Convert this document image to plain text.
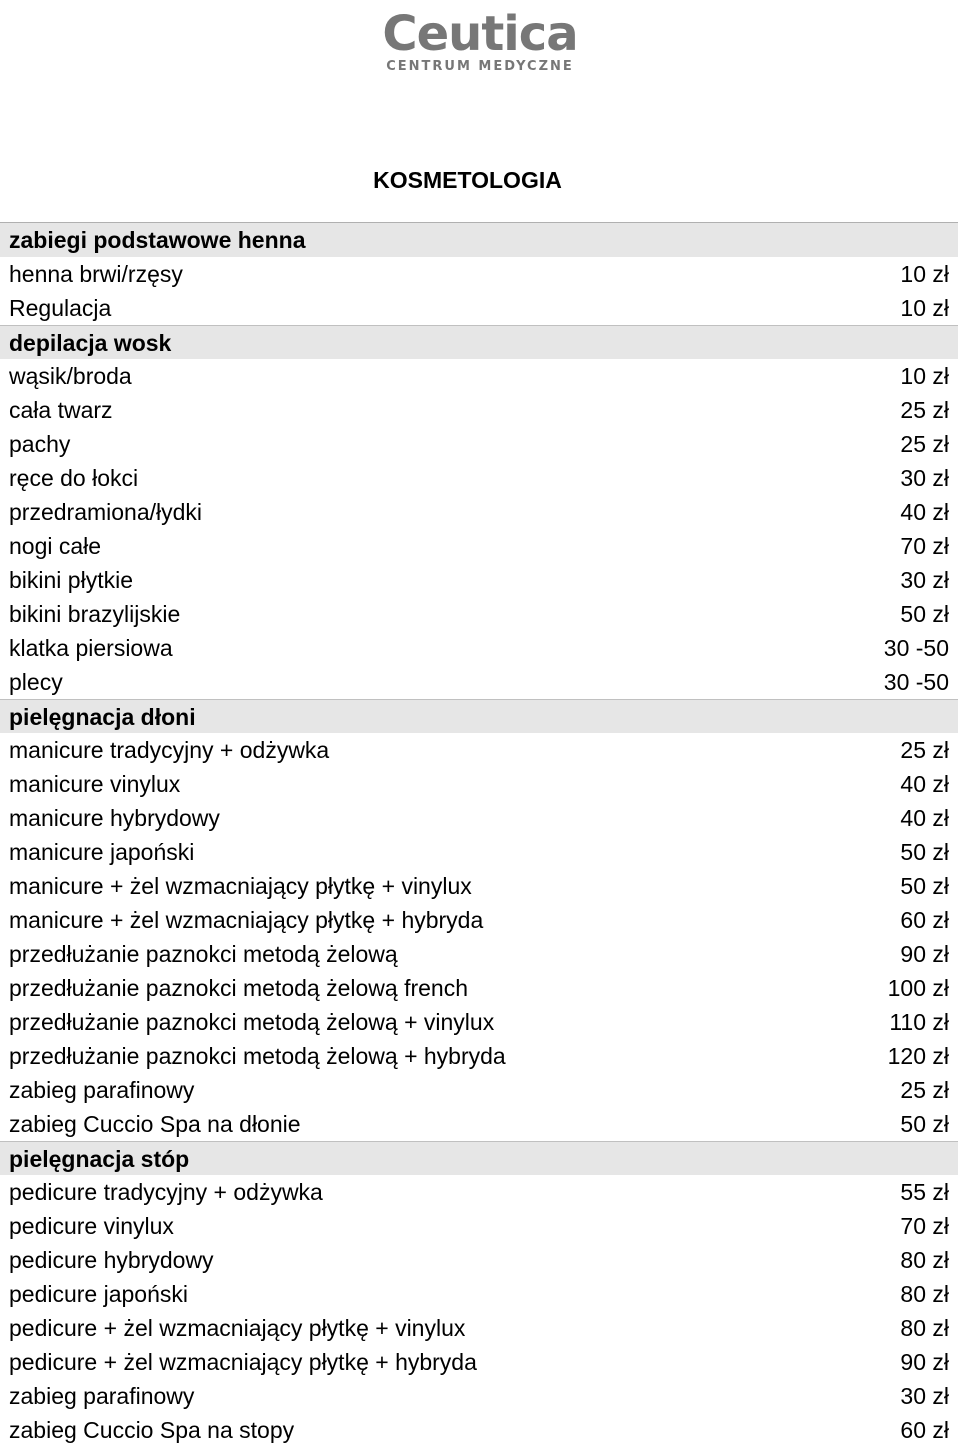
Ceutica
CENTRUM MEDYCZNE
KOSMETOLOGIA
zabiegi podstawowe henna
henna brwi/rzęsy	10 zł
Regulacja	10 zł
depilacja wosk
wąsik/broda	10 zł
cała twarz	25 zł
pachy	25 zł
ręce do łokci	30 zł
przedramiona/łydki	40 zł
nogi całe	70 zł
bikini płytkie	30 zł
bikini brazylijskie	50 zł
klatka piersiowa	30 -50
plecy	30 -50
pielęgnacja dłoni
manicure tradycyjny + odżywka	25 zł
manicure vinylux	40 zł
manicure hybrydowy	40 zł
manicure japoński	50 zł
manicure + żel wzmacniający płytkę + vinylux	50 zł
manicure + żel wzmacniający płytkę + hybryda	60 zł
przedłużanie paznokci metodą żelową	90 zł
przedłużanie paznokci metodą żelową french	100 zł
przedłużanie paznokci metodą żelową + vinylux	110 zł
przedłużanie paznokci metodą żelową + hybryda	120 zł
zabieg parafinowy	25 zł
zabieg Cuccio Spa na dłonie	50 zł
pielęgnacja stóp
pedicure tradycyjny + odżywka	55 zł
pedicure vinylux	70 zł
pedicure hybrydowy	80 zł
pedicure japoński	80 zł
pedicure + żel wzmacniający płytkę + vinylux	80 zł
pedicure + żel wzmacniający płytkę + hybryda	90 zł
zabieg parafinowy	30 zł
zabieg Cuccio Spa na stopy	60 zł
